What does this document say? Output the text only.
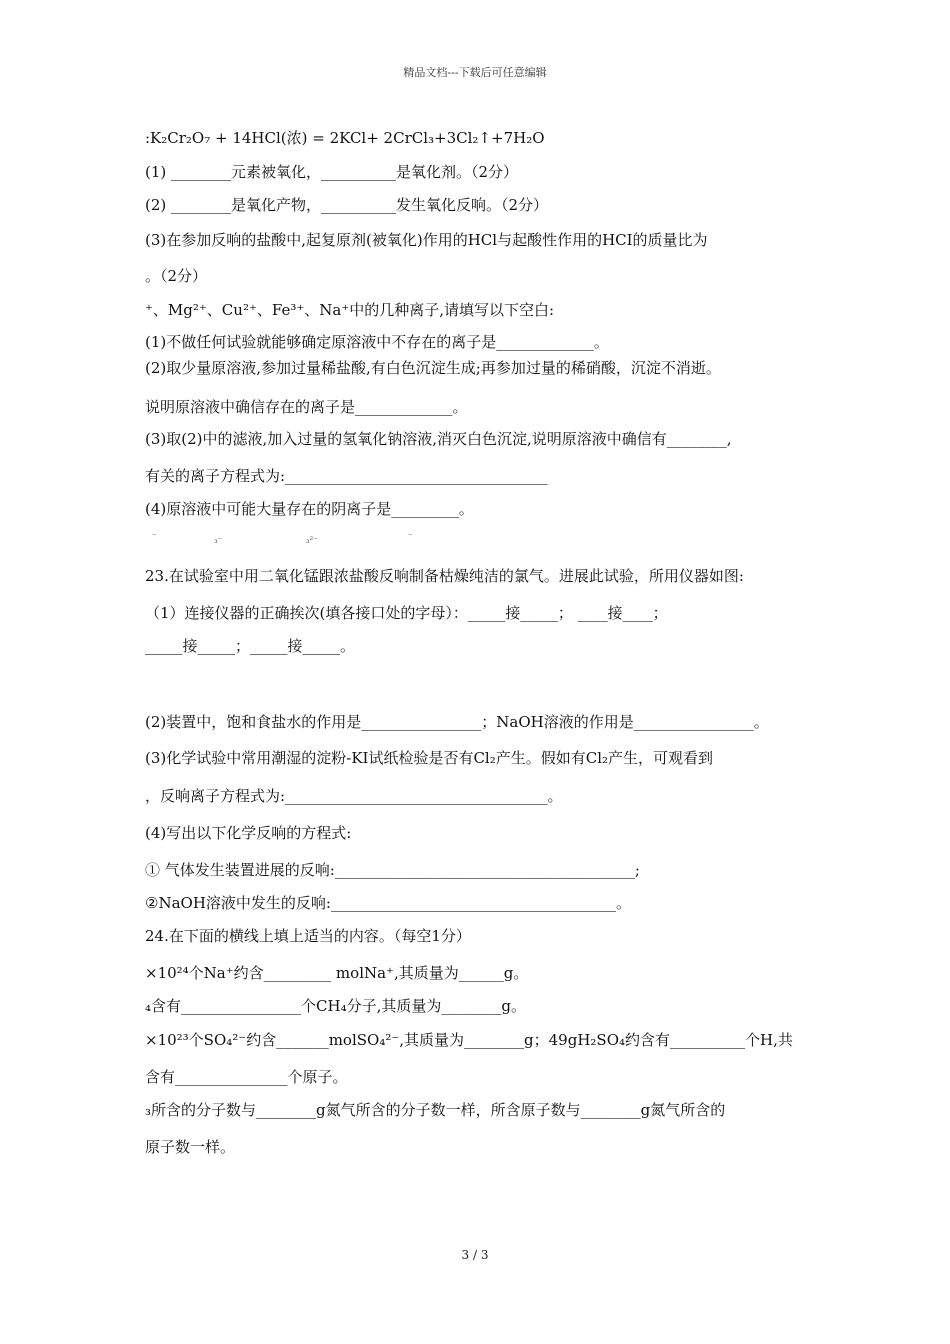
精品文档---下载后可任意编辑
:K₂Cr₂O₇ + 14HCl(浓) = 2KCl+ 2CrCl₃+3Cl₂↑+7H₂O
(1) ________元素被氧化，__________是氧化剂。（2分）
(2) ________是氧化产物，__________发生氧化反响。（2分）
(3)在参加反响的盐酸中,起复原剂(被氧化)作用的HCl与起酸性作用的HCI的质量比为
。（2分）
⁺、Mg²⁺、Cu²⁺、Fe³⁺、Na⁺中的几种离子,请填写以下空白:
(1)不做任何试验就能够确定原溶液中不存在的离子是_____________。
(2)取少量原溶液,参加过量稀盐酸,有白色沉淀生成;再参加过量的稀硝酸，沉淀不消逝。
说明原溶液中确信存在的离子是_____________。
(3)取(2)中的滤液,加入过量的氢氧化钠溶液,消灭白色沉淀,说明原溶液中确信有________,
有关的离子方程式为:___________________________________
(4)原溶液中可能大量存在的阴离子是_________。
⁻	₃⁻	₃²⁻	⁻
23.在试验室中用二氧化锰跟浓盐酸反响制备枯燥纯洁的氯气。进展此试验，所用仪器如图:
（1）连接仪器的正确挨次(填各接口处的字母）：_____接_____； ____接____；
_____接_____；_____接_____。
(2)装置中，饱和食盐水的作用是________________；NaOH溶液的作用是________________。
(3)化学试验中常用潮湿的淀粉-KI试纸检验是否有Cl₂产生。假如有Cl₂产生，可观看到
，反响离子方程式为:___________________________________。
(4)写出以下化学反响的方程式:
① 气体发生装置进展的反响:________________________________________;
②NaOH溶液中发生的反响:______________________________________。
24.在下面的横线上填上适当的内容。（每空1分）
×10²⁴个Na⁺约含_________ molNa⁺,其质量为______g。
₄含有________________个CH₄分子,其质量为________g。
×10²³个SO₄²⁻约含_______molSO₄²⁻,其质量为________g；49gH₂SO₄约含有__________个H,共
含有_______________个原子。
₃所含的分子数与________g氮气所含的分子数一样，所含原子数与________g氮气所含的
原子数一样。
3 / 3
